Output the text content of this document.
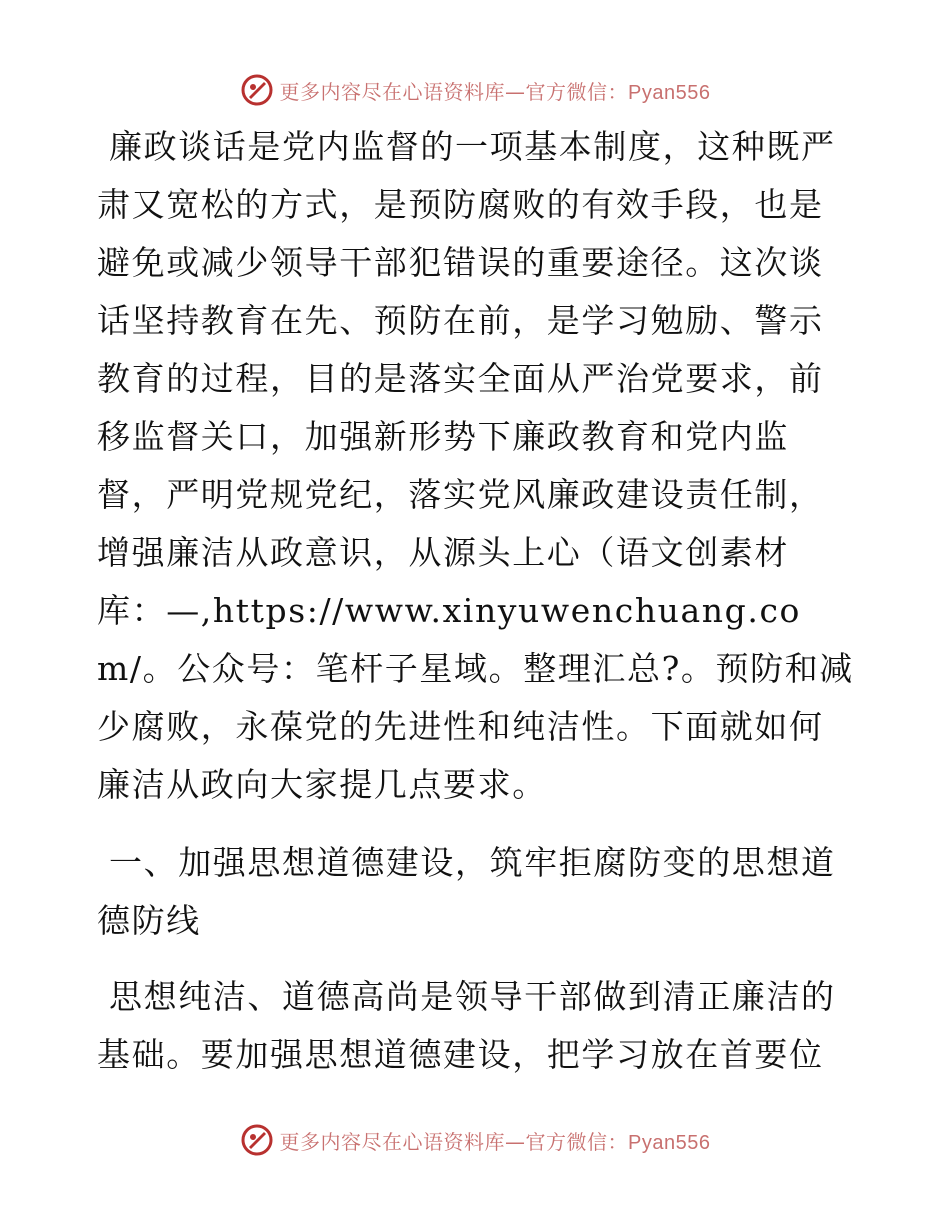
更多内容尽在心语资料库—官方微信：Pyan556

廉政谈话是党内监督的一项基本制度，这种既严肃又宽松的方式，是预防腐败的有效手段，也是避免或减少领导干部犯错误的重要途径。这次谈话坚持教育在先、预防在前，是学习勉励、警示教育的过程，目的是落实全面从严治党要求，前移监督关口，加强新形势下廉政教育和党内监督，严明党规党纪，落实党风廉政建设责任制，增强廉洁从政意识，从源头上心（语文创素材库：—,https://www.xinyuwenchuang.com/。公众号：笔杆子星域。整理汇总?。预防和减少腐败，永葆党的先进性和纯洁性。下面就如何廉洁从政向大家提几点要求。

一、加强思想道德建设，筑牢拒腐防变的思想道德防线

思想纯洁、道德高尚是领导干部做到清正廉洁的基础。要加强思想道德建设，把学习放在首要位

更多内容尽在心语资料库—官方微信：Pyan556
